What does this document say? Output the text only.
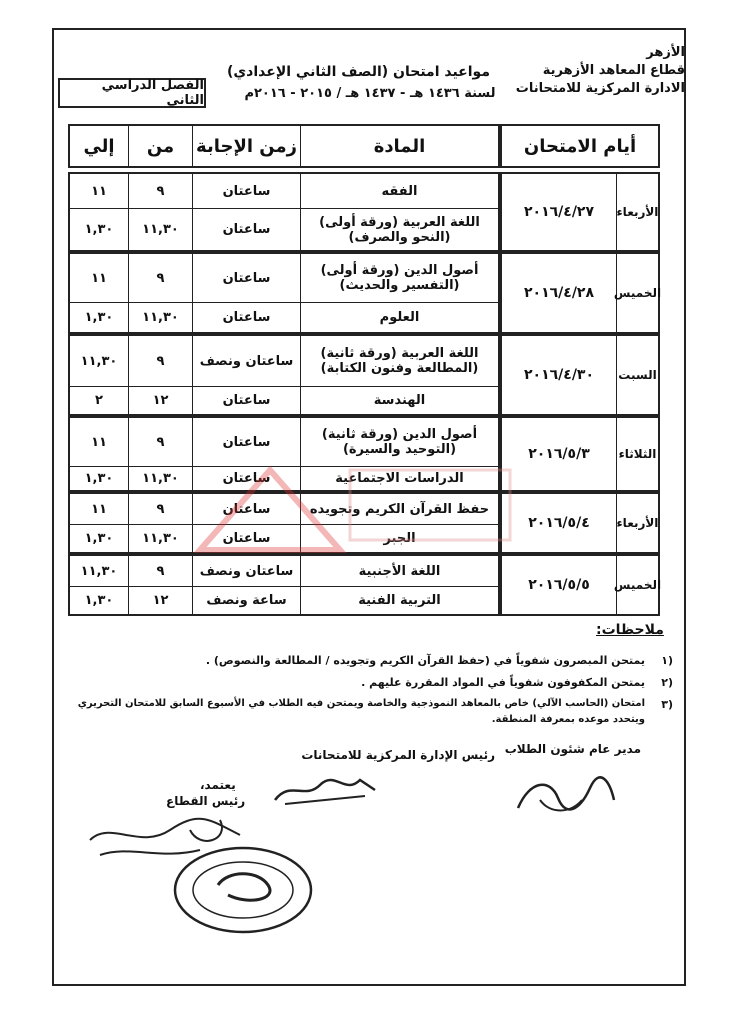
الأزهر
قطاع المعاهد الأزهرية
الادارة المركزية للامتحانات
مواعيد امتحان (الصف الثاني الإعدادي)
لسنة ١٤٣٦ هـ - ١٤٣٧ هـ / ٢٠١٥ - ٢٠١٦م
الفصل الدراسي الثاني
أيام الامتحان
المادة
زمن الإجابة
من
إلي
الأربعاء
٢٠١٦/٤/٢٧
الفقه
ساعتان
٩
١١
اللغة العربية (ورقة أولى) (النحو والصرف)
ساعتان
١١,٣٠
١,٣٠
الخميس
٢٠١٦/٤/٢٨
أصول الدين (ورقة أولى) (التفسير والحديث)
ساعتان
٩
١١
العلوم
ساعتان
١١,٣٠
١,٣٠
السبت
٢٠١٦/٤/٣٠
اللغة العربية (ورقة ثانية) (المطالعة وفنون الكتابة)
ساعتان ونصف
٩
١١,٣٠
الهندسة
ساعتان
١٢
٢
الثلاثاء
٢٠١٦/٥/٣
أصول الدين (ورقة ثانية) (التوحيد والسيرة)
ساعتان
٩
١١
الدراسات الاجتماعية
ساعتان
١١,٣٠
١,٣٠
الأربعاء
٢٠١٦/٥/٤
حفظ القرآن الكريم وتجويده
ساعتان
٩
١١
الجبر
ساعتان
١١,٣٠
١,٣٠
الخميس
٢٠١٦/٥/٥
اللغة الأجنبية
ساعتان ونصف
٩
١١,٣٠
التربية الفنية
ساعة ونصف
١٢
١,٣٠
ملاحظات:
١)
يمتحن المبصرون شفوياً في (حفظ القرآن الكريم وتجويده / المطالعة والنصوص) .
٢)
يمتحن المكفوفون شفوياً في المواد المقررة عليهم .
٣)
امتحان (الحاسب الآلي) خاص بالمعاهد النموذجية والخاصة ويمتحن فيه الطلاب في الأسبوع السابق للامتحان التحريري
ويتحدد موعده بمعرفة المنطقة.
مدير عام شئون الطلاب
رئيس الإدارة المركزية للامتحانات
يعتمد،
رئيس القطاع
